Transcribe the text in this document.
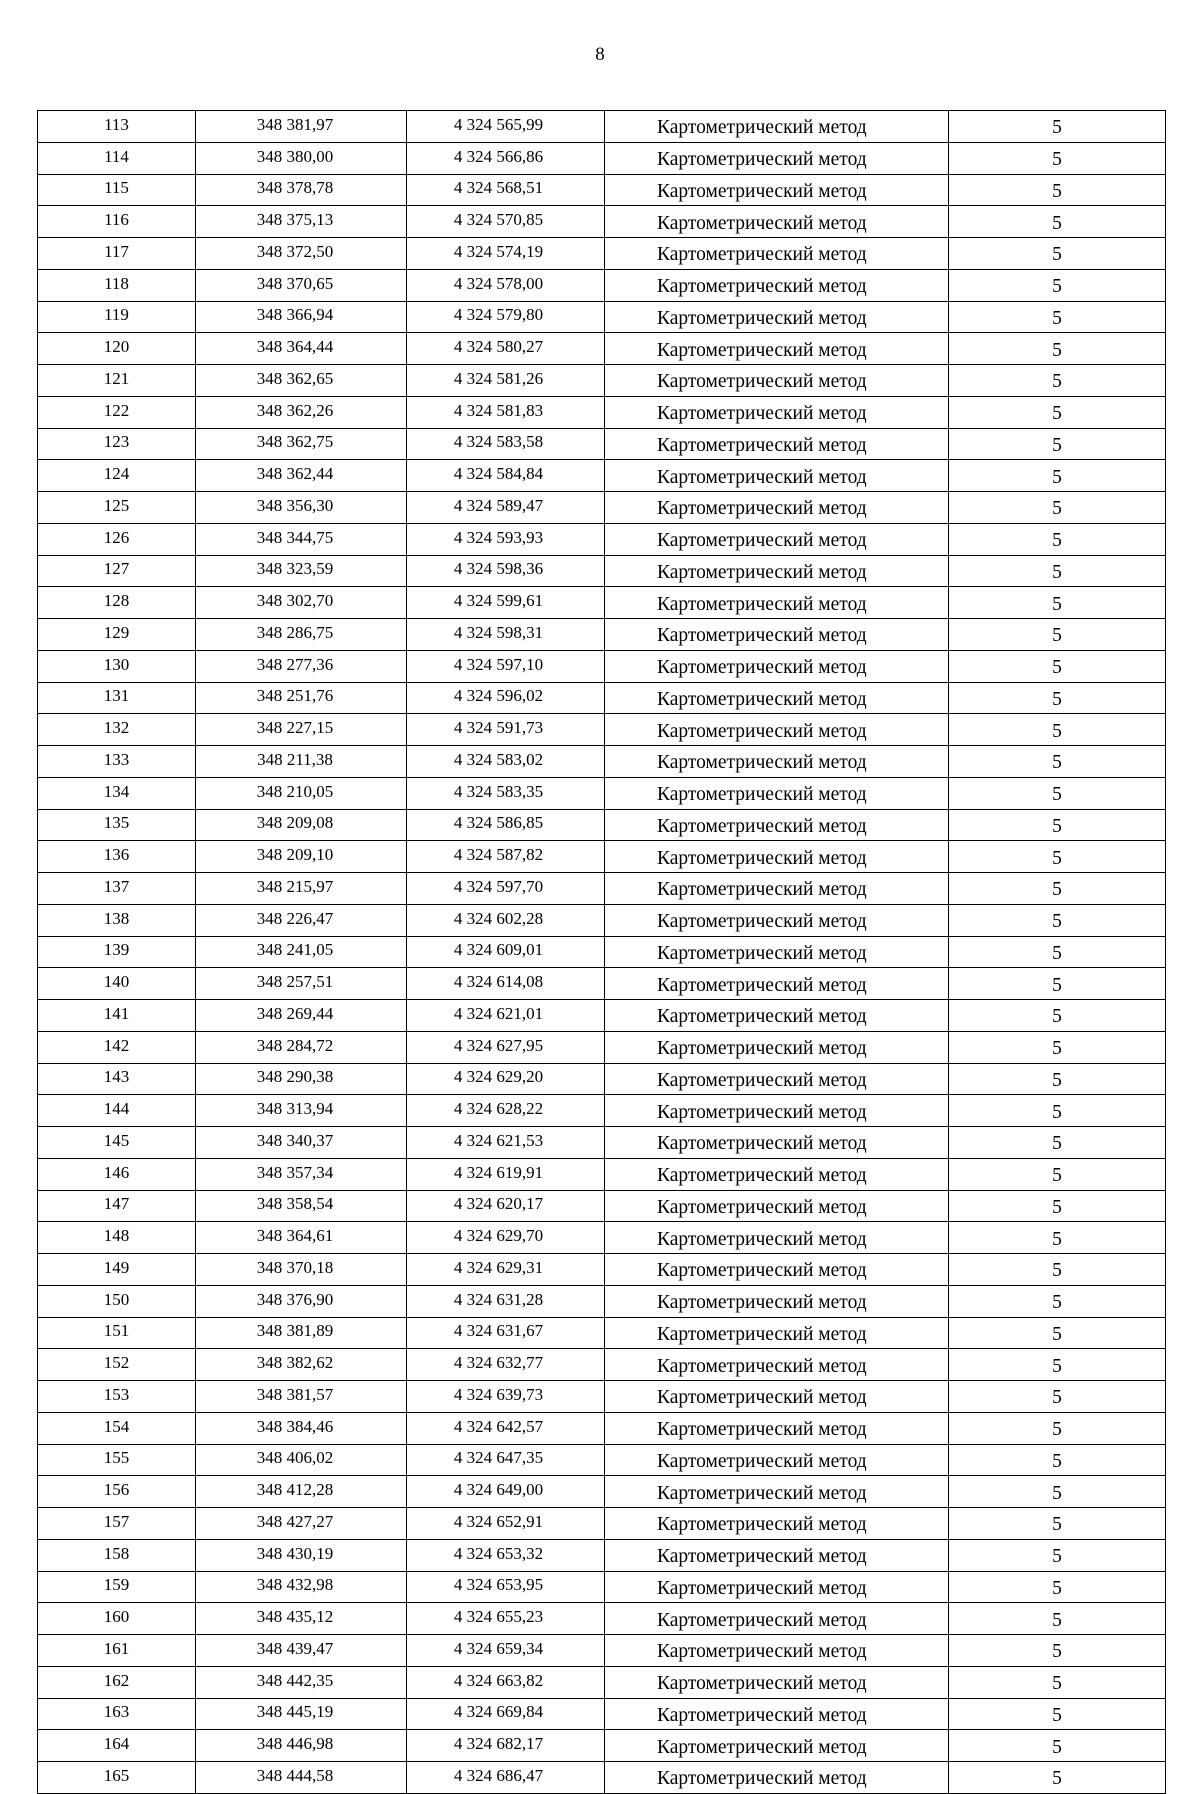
8
113	348 381,97	4 324 565,99	Картометрический метод	5
114	348 380,00	4 324 566,86	Картометрический метод	5
115	348 378,78	4 324 568,51	Картометрический метод	5
116	348 375,13	4 324 570,85	Картометрический метод	5
117	348 372,50	4 324 574,19	Картометрический метод	5
118	348 370,65	4 324 578,00	Картометрический метод	5
119	348 366,94	4 324 579,80	Картометрический метод	5
120	348 364,44	4 324 580,27	Картометрический метод	5
121	348 362,65	4 324 581,26	Картометрический метод	5
122	348 362,26	4 324 581,83	Картометрический метод	5
123	348 362,75	4 324 583,58	Картометрический метод	5
124	348 362,44	4 324 584,84	Картометрический метод	5
125	348 356,30	4 324 589,47	Картометрический метод	5
126	348 344,75	4 324 593,93	Картометрический метод	5
127	348 323,59	4 324 598,36	Картометрический метод	5
128	348 302,70	4 324 599,61	Картометрический метод	5
129	348 286,75	4 324 598,31	Картометрический метод	5
130	348 277,36	4 324 597,10	Картометрический метод	5
131	348 251,76	4 324 596,02	Картометрический метод	5
132	348 227,15	4 324 591,73	Картометрический метод	5
133	348 211,38	4 324 583,02	Картометрический метод	5
134	348 210,05	4 324 583,35	Картометрический метод	5
135	348 209,08	4 324 586,85	Картометрический метод	5
136	348 209,10	4 324 587,82	Картометрический метод	5
137	348 215,97	4 324 597,70	Картометрический метод	5
138	348 226,47	4 324 602,28	Картометрический метод	5
139	348 241,05	4 324 609,01	Картометрический метод	5
140	348 257,51	4 324 614,08	Картометрический метод	5
141	348 269,44	4 324 621,01	Картометрический метод	5
142	348 284,72	4 324 627,95	Картометрический метод	5
143	348 290,38	4 324 629,20	Картометрический метод	5
144	348 313,94	4 324 628,22	Картометрический метод	5
145	348 340,37	4 324 621,53	Картометрический метод	5
146	348 357,34	4 324 619,91	Картометрический метод	5
147	348 358,54	4 324 620,17	Картометрический метод	5
148	348 364,61	4 324 629,70	Картометрический метод	5
149	348 370,18	4 324 629,31	Картометрический метод	5
150	348 376,90	4 324 631,28	Картометрический метод	5
151	348 381,89	4 324 631,67	Картометрический метод	5
152	348 382,62	4 324 632,77	Картометрический метод	5
153	348 381,57	4 324 639,73	Картометрический метод	5
154	348 384,46	4 324 642,57	Картометрический метод	5
155	348 406,02	4 324 647,35	Картометрический метод	5
156	348 412,28	4 324 649,00	Картометрический метод	5
157	348 427,27	4 324 652,91	Картометрический метод	5
158	348 430,19	4 324 653,32	Картометрический метод	5
159	348 432,98	4 324 653,95	Картометрический метод	5
160	348 435,12	4 324 655,23	Картометрический метод	5
161	348 439,47	4 324 659,34	Картометрический метод	5
162	348 442,35	4 324 663,82	Картометрический метод	5
163	348 445,19	4 324 669,84	Картометрический метод	5
164	348 446,98	4 324 682,17	Картометрический метод	5
165	348 444,58	4 324 686,47	Картометрический метод	5
